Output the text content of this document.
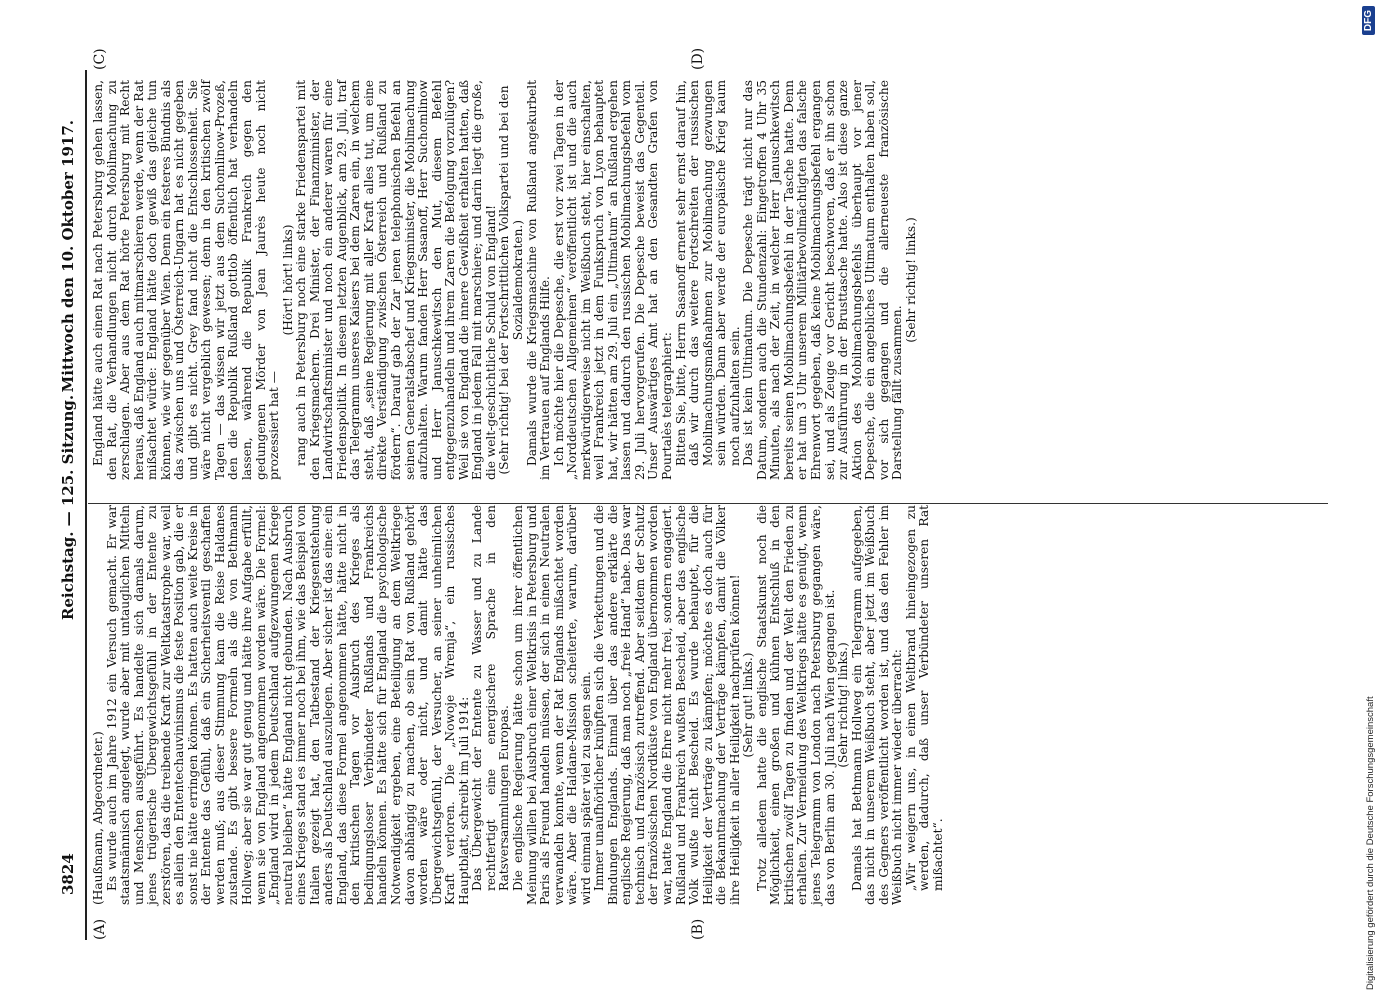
3824
Reichstag. — 125. Sitzung.
Mittwoch den 10. Oktober 1917.
(A)	(B)
(C)	(D)

(Haußmann, Abgeordneter.) Es wurde auch im Jahre 1912 ein Versuch gemacht. Er war staatsmännisch angelegt, wurde aber mit untauglichen Mitteln und Menschen ausgeführt. Es handelte sich damals darum, jenes trügerische Übergewichtsgefühl in der Entente zu zerstören, das die treibende Kraft zur Weltkatastrophe war, weil es allein den Ententechauvinismus die feste Position gab, die er sonst nie hätte erringen können. Es hatten auch weite Kreise in der Entente das Gefühl, daß ein Sicherheitsventil geschaffen werden muß; aus dieser Stimmung kam die Reise Haldanes zustande. Es gibt bessere Formeln als die von Bethmann Hollweg; aber sie war gut genug und hätte ihre Aufgabe erfüllt, wenn sie von England angenommen worden wäre. Die Formel: „England wird in jedem Deutschland aufgezwungenen Kriege neutral bleiben“ hätte England nicht gebunden. Nach Ausbruch eines Krieges stand es immer noch bei ihm, wie das Beispiel von Italien gezeigt hat, den Tatbestand der Kriegsentstehung anders als Deutschland auszulegen. Aber sicher ist das eine: ein England, das diese Formel angenommen hätte, hätte nicht in den kritischen Tagen vor Ausbruch des Krieges als bedingungsloser Verbündeter Rußlands und Frankreichs handeln können. Es hätte sich für England die psychologische Notwendigkeit ergeben, eine Beteiligung an dem Weltkriege davon abhängig zu machen, ob sein Rat von Rußland gehört worden wäre oder nicht, und damit hätte das Übergewichtsgefühl, der Versucher, an seiner unheimlichen Kraft verloren. Die „Nowoje Wremja“, ein russisches Hauptblatt, schreibt im Juli 1914: Das Übergewicht der Entente zu Wasser und zu Lande rechtfertigt eine energischere Sprache in den Ratsversammlungen Europas. Die englische Regierung hätte schon um ihrer öffentlichen Meinung willen bei Ausbruch einer Weltkrisis in Petersburg und Paris als Freund handeln müssen, der sich in einen Neutralen verwandeln konnte, wenn der Rat Englands mißachtet worden wäre. Aber die Haldane-Mission scheiterte, warum, darüber wird einmal später viel zu sagen sein. Immer unaufhörlicher knüpften sich die Verkettungen und die Bindungen Englands. Einmal über das andere erklärte die englische Regierung, daß man noch „freie Hand“ habe. Das war technisch und französisch zutreffend. Aber seitdem der Schutz der französischen Nordküste von England übernommen worden war, hatte England die Ehre nicht mehr frei, sondern engagiert. Rußland und Frankreich wußten Bescheid, aber das englische Volk wußte nicht Bescheid. Es wurde behauptet, für die Heiligkeit der Verträge zu kämpfen; möchte es doch auch für die Bekanntmachung der Verträge kämpfen, damit die Völker ihre Heiligkeit in aller Heiligkeit nachprüfen können! (Sehr gut! links.) Trotz alledem hatte die englische Staatskunst noch die Möglichkeit, einen großen und kühnen Entschluß in den kritischen zwölf Tagen zu finden und der Welt den Frieden zu erhalten. Zur Vermeidung des Weltkriegs hätte es genügt, wenn jenes Telegramm von London nach Petersburg gegangen wäre, das von Berlin am 30. Juli nach Wien gegangen ist. (Sehr richtig! links.) Damals hat Bethmann Hollweg ein Telegramm aufgegeben, das nicht in unserem Weißbuch steht, aber jetzt im Weißbuch des Gegners veröffentlicht worden ist, und das den Fehler im Weißbuch nicht immer wieder überracht: „Wir weigern uns, in einen Weltbrand hineingezogen zu werden, dadurch, daß unser Verbündeter unseren Rat mißachtet“.

England hätte auch einen Rat nach Petersburg gehen lassen, den Rat, die Verhandlungen nicht durch Mobilmachung zu zerschlagen. Aber aus dem Rat hörte Petersburg mit Recht heraus, daß England auch mitmarschieren werde, wenn der Rat mißachtet würde: England hätte doch gewiß das gleiche tun können, wie wir gegenüber Wien. Denn ein festeres Bündnis als das zwischen uns und Österreich-Ungarn hat es nicht gegeben und gibt es nicht. Grey fand nicht die Entschlossenheit. Sie wäre nicht vergeblich gewesen; denn in den kritischen zwölf Tagen — das wissen wir jetzt aus dem Suchomlinow-Prozeß, den die Republik Rußland gottlob öffentlich hat verhandeln lassen, während die Republik Frankreich gegen den gedungenen Mörder von Jean Jaurès heute noch nicht prozessiert hat —

(Hört! hört! links) rang auch in Petersburg noch eine starke Friedenspartei mit den Kriegsmachern. Drei Minister, der Finanzminister, der Landwirtschaftsminister und noch ein anderer waren für eine Friedenspolitik. In diesem letzten Augenblick, am 29. Juli, traf das Telegramm unseres Kaisers bei dem Zaren ein, in welchem steht, daß „seine Regierung mit aller Kraft alles tut, um eine direkte Verständigung zwischen Österreich und Rußland zu fördern“. Darauf gab der Zar jenen telephonischen Befehl an seinen Generalstabschef und Kriegsminister, die Mobilmachung aufzuhalten. Warum fanden Herr Sasanoff, Herr Suchomlinow und Herr Januschkewitsch den Mut, diesem Befehl entgegenzuhandeln und ihrem Zaren die Befolgung vorzulügen? Weil sie von England die innere Gewißheit erhalten hatten, daß England in jedem Fall mit marschiere; und darin liegt die große, die welt-geschichtliche Schuld von England! (Sehr richtig! bei der Fortschrittlichen Volkspartei und bei den Sozialdemokraten.) Damals wurde die Kriegsmaschine von Rußland angekurbelt im Vertrauen auf Englands Hilfe. Ich möchte hier die Depesche, die erst vor zwei Tagen in der „Norddeutschen Allgemeinen“ veröffentlicht ist und die auch merkwürdigerweise nicht im Weißbuch steht, hier einschalten, weil Frankreich jetzt in dem Funkspruch von Lyon behauptet hat, wir hätten am 29. Juli ein „Ultimatum“ an Rußland ergehen lassen und dadurch den russischen Mobilmachungsbefehl vom 29. Juli hervorgerufen. Die Depesche beweist das Gegenteil. Unser Auswärtiges Amt hat an den Gesandten Grafen von Pourtalès telegraphiert: Bitten Sie, bitte, Herrn Sasanoff ernent sehr ernst darauf hin, daß wir durch das weitere Fortschreiten der russischen Mobilmachungsmaßnahmen zur Mobilmachung gezwungen sein würden. Dann aber werde der europäische Krieg kaum noch aufzuhalten sein. Das ist kein Ultimatum. Die Depesche trägt nicht nur das Datum, sondern auch die Stundenzahl: Eingetroffen 4 Uhr 35 Minuten, als nach der Zeit, in welcher Herr Januschkewitsch bereits seinen Mobilmachungsbefehl in der Tasche hatte. Denn er hat um 3 Uhr unserem Militärbevollmächtigten das falsche Ehrenwort gegeben, daß keine Mobilmachungsbefehl ergangen sei, und als Zeuge vor Gericht beschworen, daß er ihn schon zur Ausführung in der Brusttasche hatte. Also ist diese ganze Aktion des Mobilmachungsbefehls überhaupt vor jener Depesche, die ein angebliches Ultimatum enthalten haben soll, vor sich gegangen und die allerneueste französische Darstellung fällt zusammen.

(Sehr richtig! links.)

Digitalisierung gefördert durch die Deutsche Forschungsgemeinschaft
DFG
